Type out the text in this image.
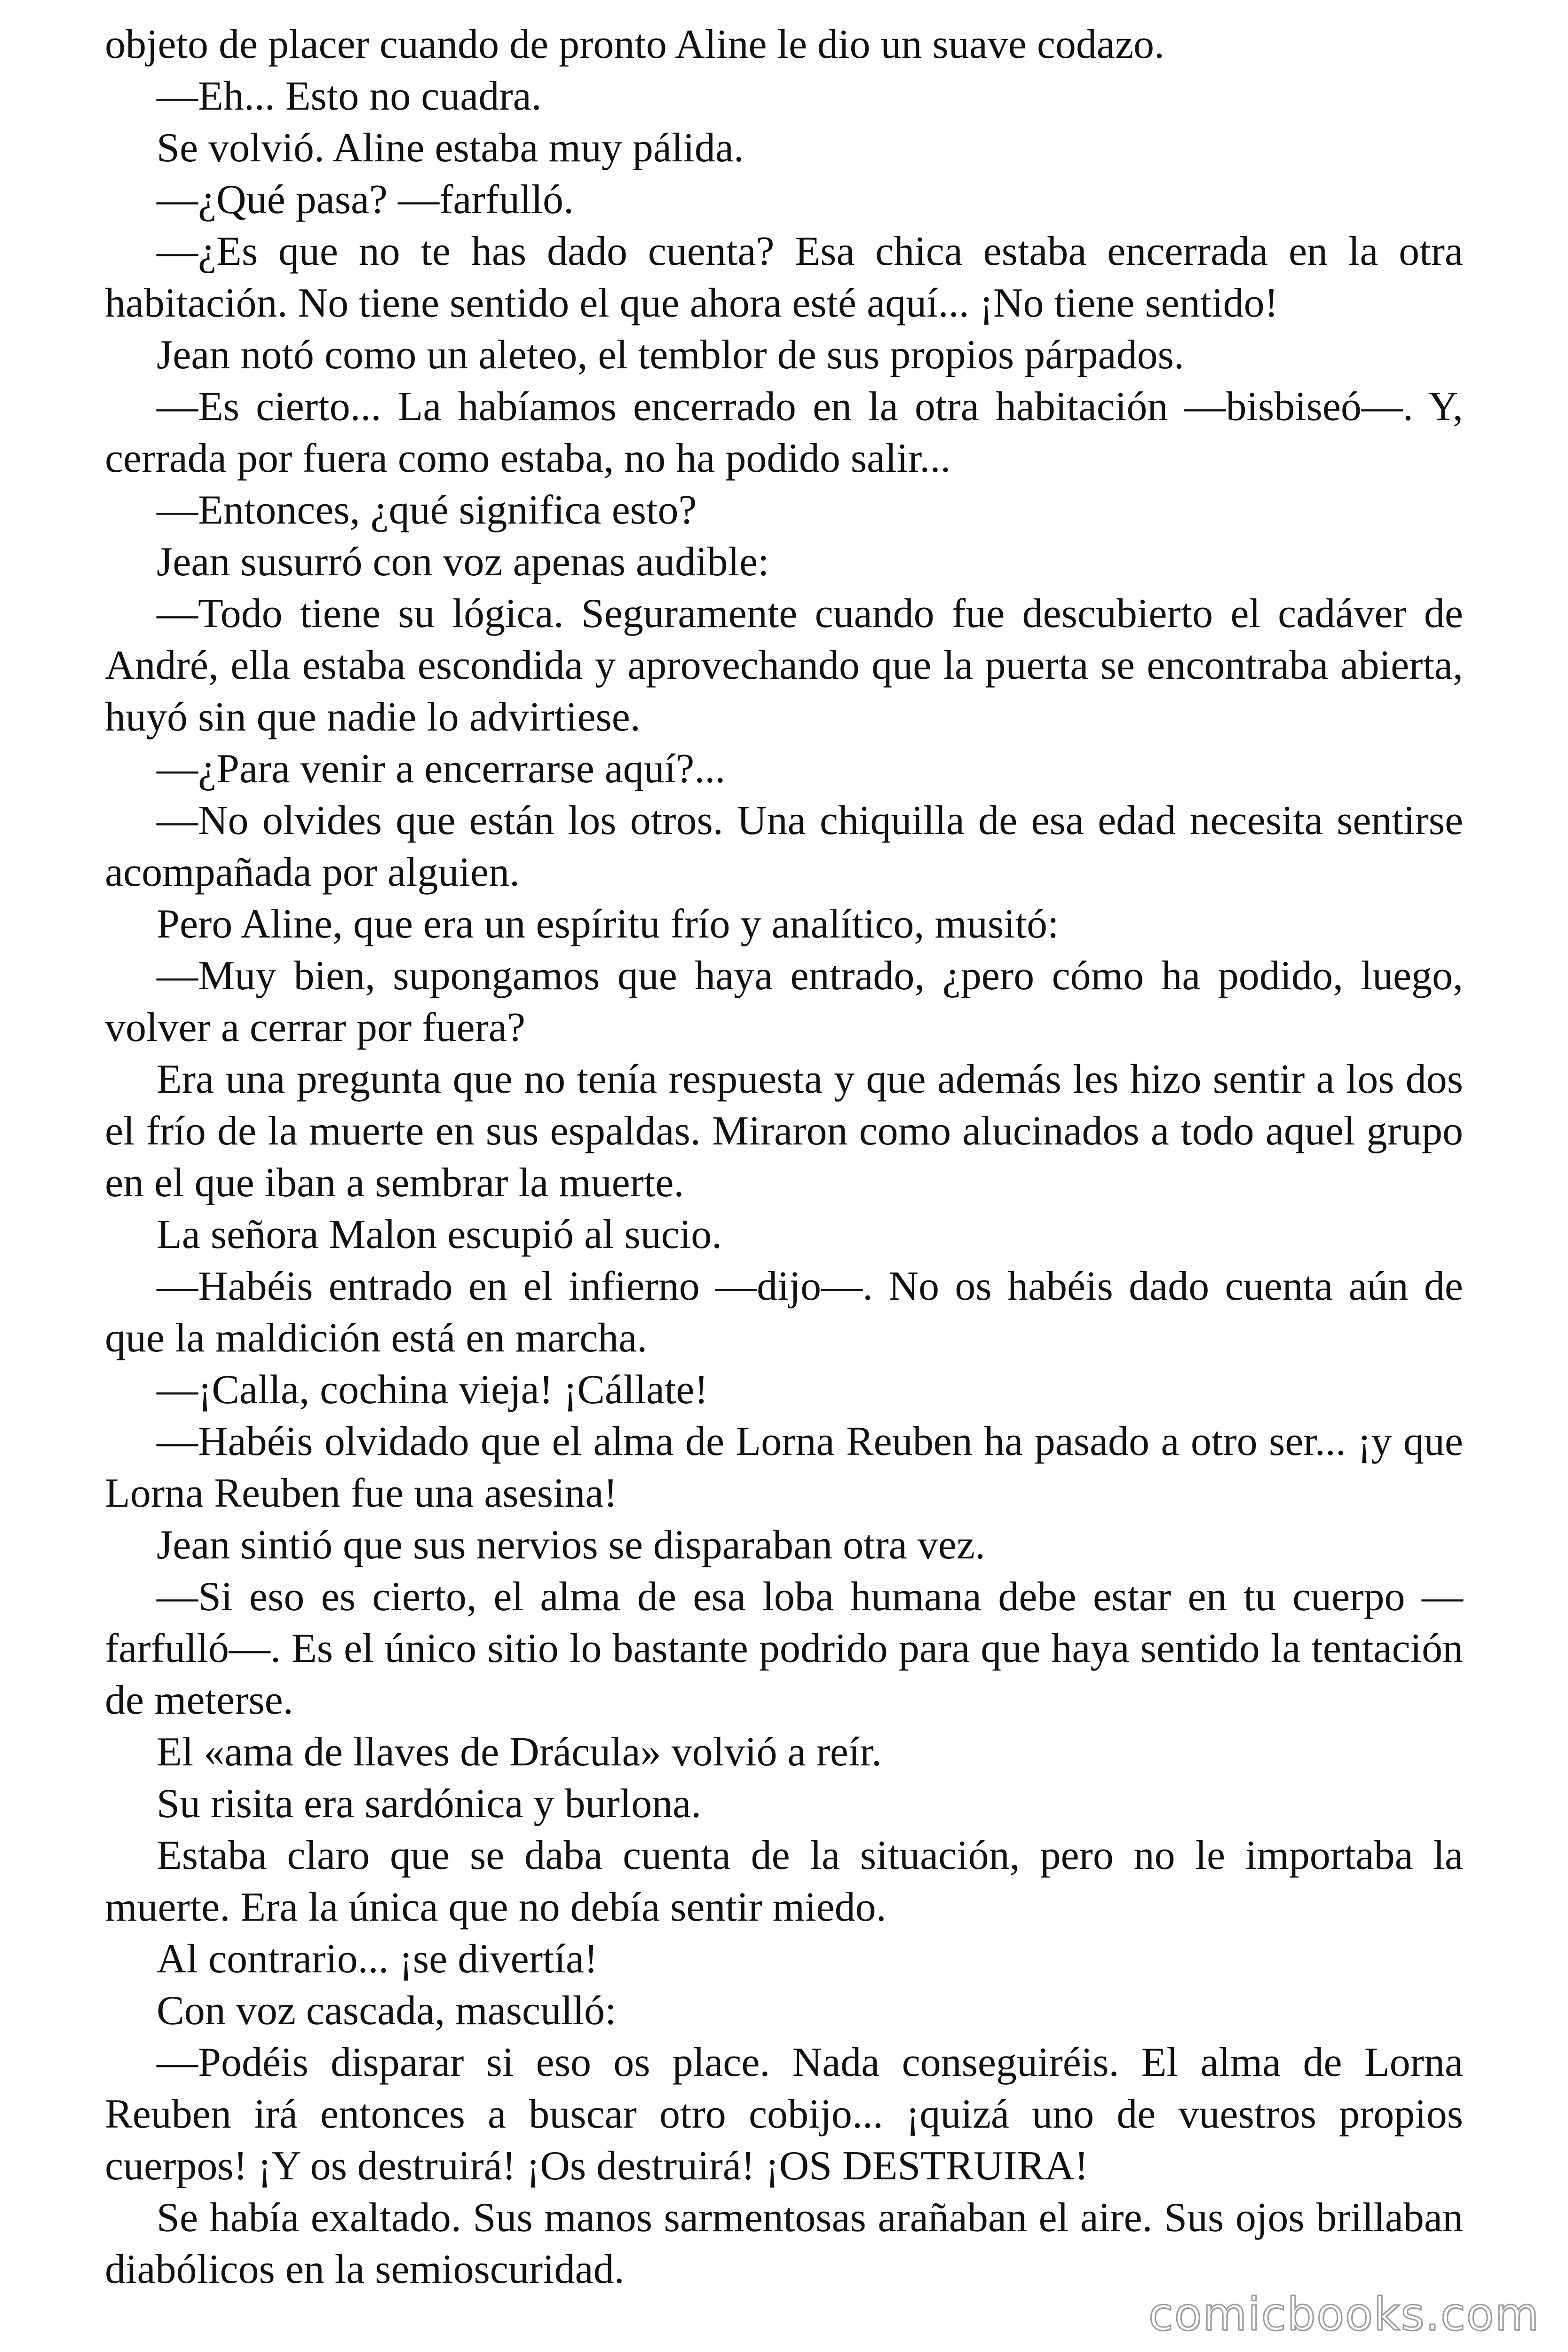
objeto de placer cuando de pronto Aline le dio un suave codazo.

—Eh... Esto no cuadra.

Se volvió. Aline estaba muy pálida.

—¿Qué pasa? —farfulló.

—¿Es que no te has dado cuenta? Esa chica estaba encerrada en la otra habitación. No tiene sentido el que ahora esté aquí... ¡No tiene sentido!

Jean notó como un aleteo, el temblor de sus propios párpados.

—Es cierto... La habíamos encerrado en la otra habitación —bisbiseó—. Y, cerrada por fuera como estaba, no ha podido salir...

—Entonces, ¿qué significa esto?

Jean susurró con voz apenas audible:

—Todo tiene su lógica. Seguramente cuando fue descubierto el cadáver de André, ella estaba escondida y aprovechando que la puerta se encontraba abierta, huyó sin que nadie lo advirtiese.

—¿Para venir a encerrarse aquí?...

—No olvides que están los otros. Una chiquilla de esa edad necesita sentirse acompañada por alguien.

Pero Aline, que era un espíritu frío y analítico, musitó:

—Muy bien, supongamos que haya entrado, ¿pero cómo ha podido, luego, volver a cerrar por fuera?

Era una pregunta que no tenía respuesta y que además les hizo sentir a los dos el frío de la muerte en sus espaldas. Miraron como alucinados a todo aquel grupo en el que iban a sembrar la muerte.

La señora Malon escupió al sucio.

—Habéis entrado en el infierno —dijo—. No os habéis dado cuenta aún de que la maldición está en marcha.

—¡Calla, cochina vieja! ¡Cállate!

—Habéis olvidado que el alma de Lorna Reuben ha pasado a otro ser... ¡y que Lorna Reuben fue una asesina!

Jean sintió que sus nervios se disparaban otra vez.

—Si eso es cierto, el alma de esa loba humana debe estar en tu cuerpo — farfulló—. Es el único sitio lo bastante podrido para que haya sentido la tentación de meterse.

El «ama de llaves de Drácula» volvió a reír.

Su risita era sardónica y burlona.

Estaba claro que se daba cuenta de la situación, pero no le importaba la muerte. Era la única que no debía sentir miedo.

Al contrario... ¡se divertía!

Con voz cascada, masculló:

—Podéis disparar si eso os place. Nada conseguiréis. El alma de Lorna Reuben irá entonces a buscar otro cobijo... ¡quizá uno de vuestros propios cuerpos! ¡Y os destruirá! ¡Os destruirá! ¡OS DESTRUIRA!

Se había exaltado. Sus manos sarmentosas arañaban el aire. Sus ojos brillaban diabólicos en la semioscuridad.

comicbooks.com
